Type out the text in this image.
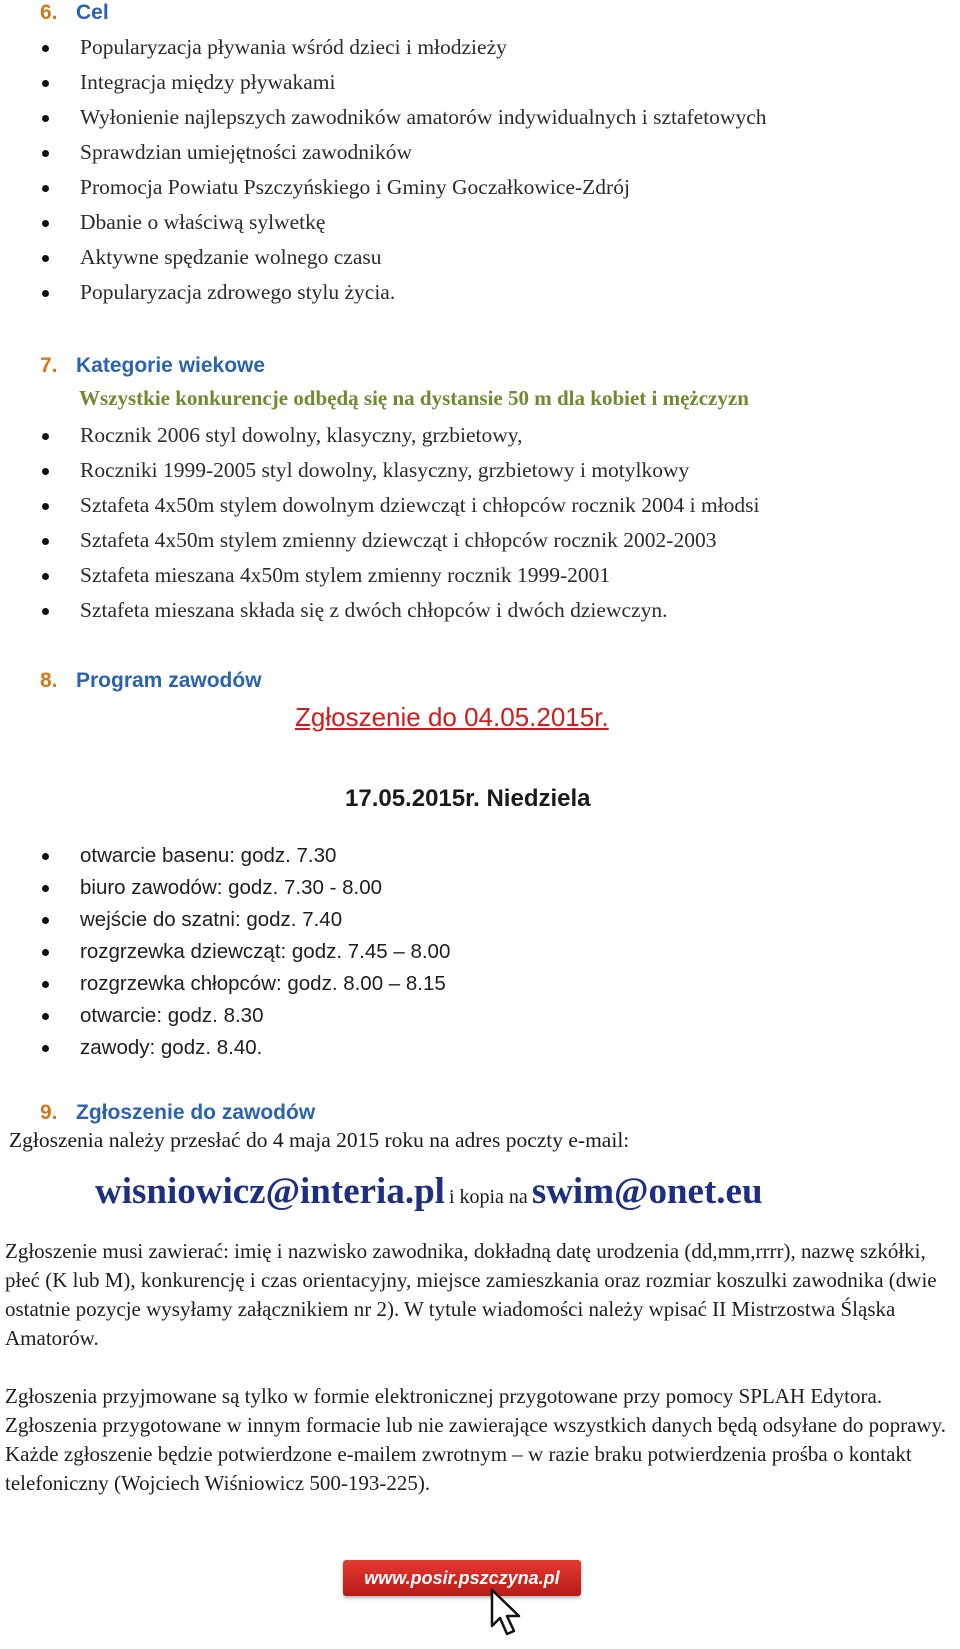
6. Cel
Popularyzacja pływania wśród dzieci i młodzieży
Integracja między pływakami
Wyłonienie najlepszych zawodników amatorów indywidualnych i sztafetowych
Sprawdzian umiejętności zawodników
Promocja Powiatu Pszczyńskiego i Gminy Goczałkowice-Zdrój
Dbanie o właściwą sylwetkę
Aktywne spędzanie wolnego czasu
Popularyzacja zdrowego stylu życia.
7. Kategorie wiekowe
Wszystkie konkurencje odbędą się na dystansie 50 m dla kobiet i mężczyzn
Rocznik 2006 styl dowolny, klasyczny, grzbietowy,
Roczniki 1999-2005 styl dowolny, klasyczny, grzbietowy i motylkowy
Sztafeta 4x50m stylem dowolnym dziewcząt i chłopców rocznik 2004 i młodsi
Sztafeta 4x50m stylem zmienny dziewcząt i chłopców rocznik 2002-2003
Sztafeta mieszana 4x50m stylem zmienny rocznik 1999-2001
Sztafeta mieszana składa się z dwóch chłopców i dwóch dziewczyn.
8. Program zawodów
Zgłoszenie do 04.05.2015r.
17.05.2015r. Niedziela
otwarcie basenu: godz. 7.30
biuro zawodów: godz. 7.30 - 8.00
wejście do szatni: godz. 7.40
rozgrzewka dziewcząt: godz. 7.45 – 8.00
rozgrzewka chłopców: godz. 8.00 – 8.15
otwarcie: godz. 8.30
zawody: godz. 8.40.
9. Zgłoszenie do zawodów
Zgłoszenia należy przesłać do 4 maja 2015 roku na adres poczty e-mail:
wisniowicz@interia.pl i kopia na swim@onet.eu

Zgłoszenie musi zawierać: imię i nazwisko zawodnika, dokładną datę urodzenia (dd,mm,rrrr), nazwę szkółki, płeć (K lub M), konkurencję i czas orientacyjny, miejsce zamieszkania oraz rozmiar koszulki zawodnika (dwie ostatnie pozycje wysyłamy załącznikiem nr 2). W tytule wiadomości należy wpisać II Mistrzostwa Śląska Amatorów.

Zgłoszenia przyjmowane są tylko w formie elektronicznej przygotowane przy pomocy SPLAH Edytora. Zgłoszenia przygotowane w innym formacie lub nie zawierające wszystkich danych będą odsyłane do poprawy. Każde zgłoszenie będzie potwierdzone e-mailem zwrotnym – w razie braku potwierdzenia prośba o kontakt telefoniczny (Wojciech Wiśniowicz 500-193-225).

www.posir.pszczyna.pl
